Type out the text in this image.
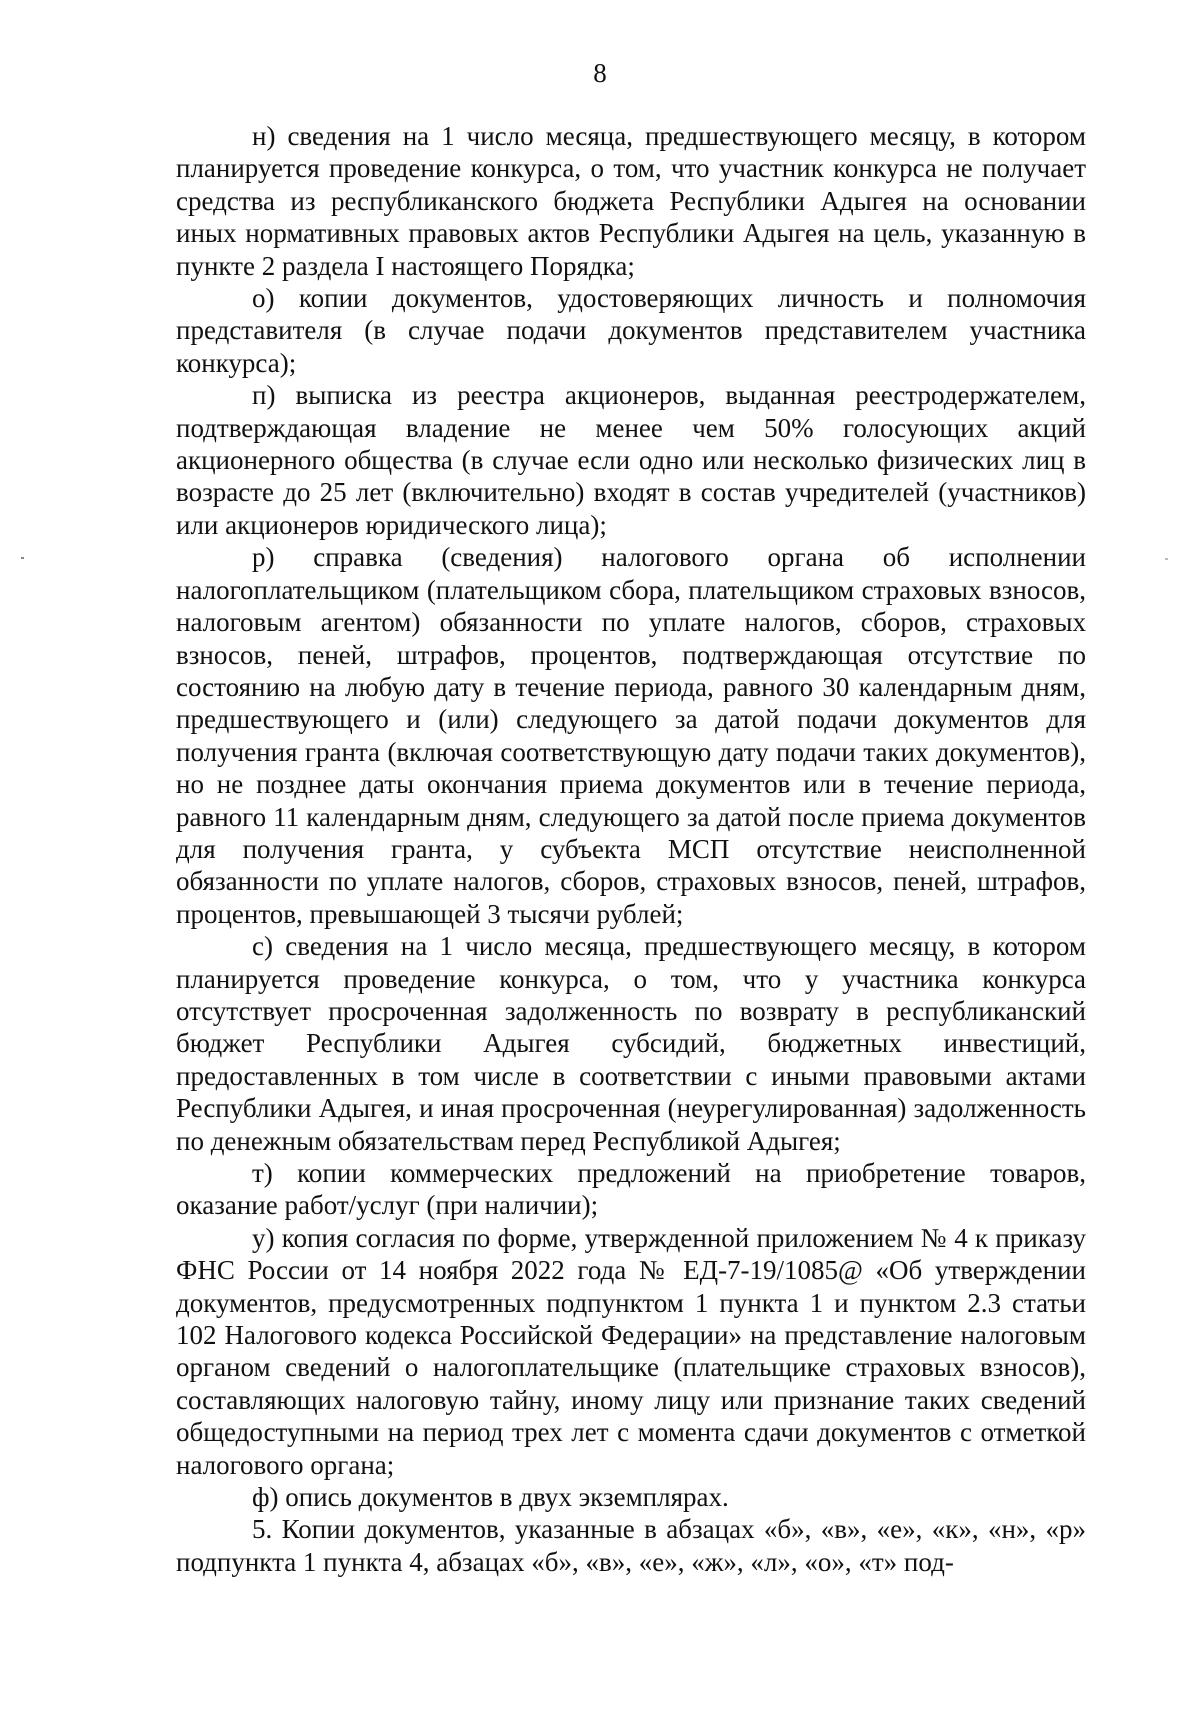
8

н) сведения на 1 число месяца, предшествующего месяцу, в котором планируется проведение конкурса, о том, что участник конкурса не получает средства из республиканского бюджета Республики Адыгея на основании иных нормативных правовых актов Республики Адыгея на цель, указанную в пункте 2 раздела I настоящего Порядка;

о) копии документов, удостоверяющих личность и полномочия представителя (в случае подачи документов представителем участника конкурса);

п) выписка из реестра акционеров, выданная реестродержателем, подтверждающая владение не менее чем 50% голосующих акций акционерного общества (в случае если одно или несколько физических лиц в возрасте до 25 лет (включительно) входят в состав учредителей (участников) или акционеров юридического лица);

р) справка (сведения) налогового органа об исполнении налогоплательщиком (плательщиком сбора, плательщиком страховых взносов, налоговым агентом) обязанности по уплате налогов, сборов, страховых взносов, пеней, штрафов, процентов, подтверждающая отсутствие по состоянию на любую дату в течение периода, равного 30 календарным дням, предшествующего и (или) следующего за датой подачи документов для получения гранта (включая соответствующую дату подачи таких документов), но не позднее даты окончания приема документов или в течение периода, равного 11 календарным дням, следующего за датой после приема документов для получения гранта, у субъекта МСП отсутствие неисполненной обязанности по уплате налогов, сборов, страховых взносов, пеней, штрафов, процентов, превышающей 3 тысячи рублей;

с) сведения на 1 число месяца, предшествующего месяцу, в котором планируется проведение конкурса, о том, что у участника конкурса отсутствует просроченная задолженность по возврату в республиканский бюджет Республики Адыгея субсидий, бюджетных инвестиций, предоставленных в том числе в соответствии с иными правовыми актами Республики Адыгея, и иная просроченная (неурегулированная) задолженность по денежным обязательствам перед Республикой Адыгея;

т) копии коммерческих предложений на приобретение товаров, оказание работ/услуг (при наличии);

у) копия согласия по форме, утвержденной приложением № 4 к приказу ФНС России от 14 ноября 2022 года № ЕД-7-19/1085@ «Об утверждении документов, предусмотренных подпунктом 1 пункта 1 и пунктом 2.3 статьи 102 Налогового кодекса Российской Федерации» на представление налоговым органом сведений о налогоплательщике (плательщике страховых взносов), составляющих налоговую тайну, иному лицу или признание таких сведений общедоступными на период трех лет с момента сдачи документов с отметкой налогового органа;

ф) опись документов в двух экземплярах.

5. Копии документов, указанные в абзацах «б», «в», «е», «к», «н», «р» подпункта 1 пункта 4, абзацах «б», «в», «е», «ж», «л», «о», «т» под-
